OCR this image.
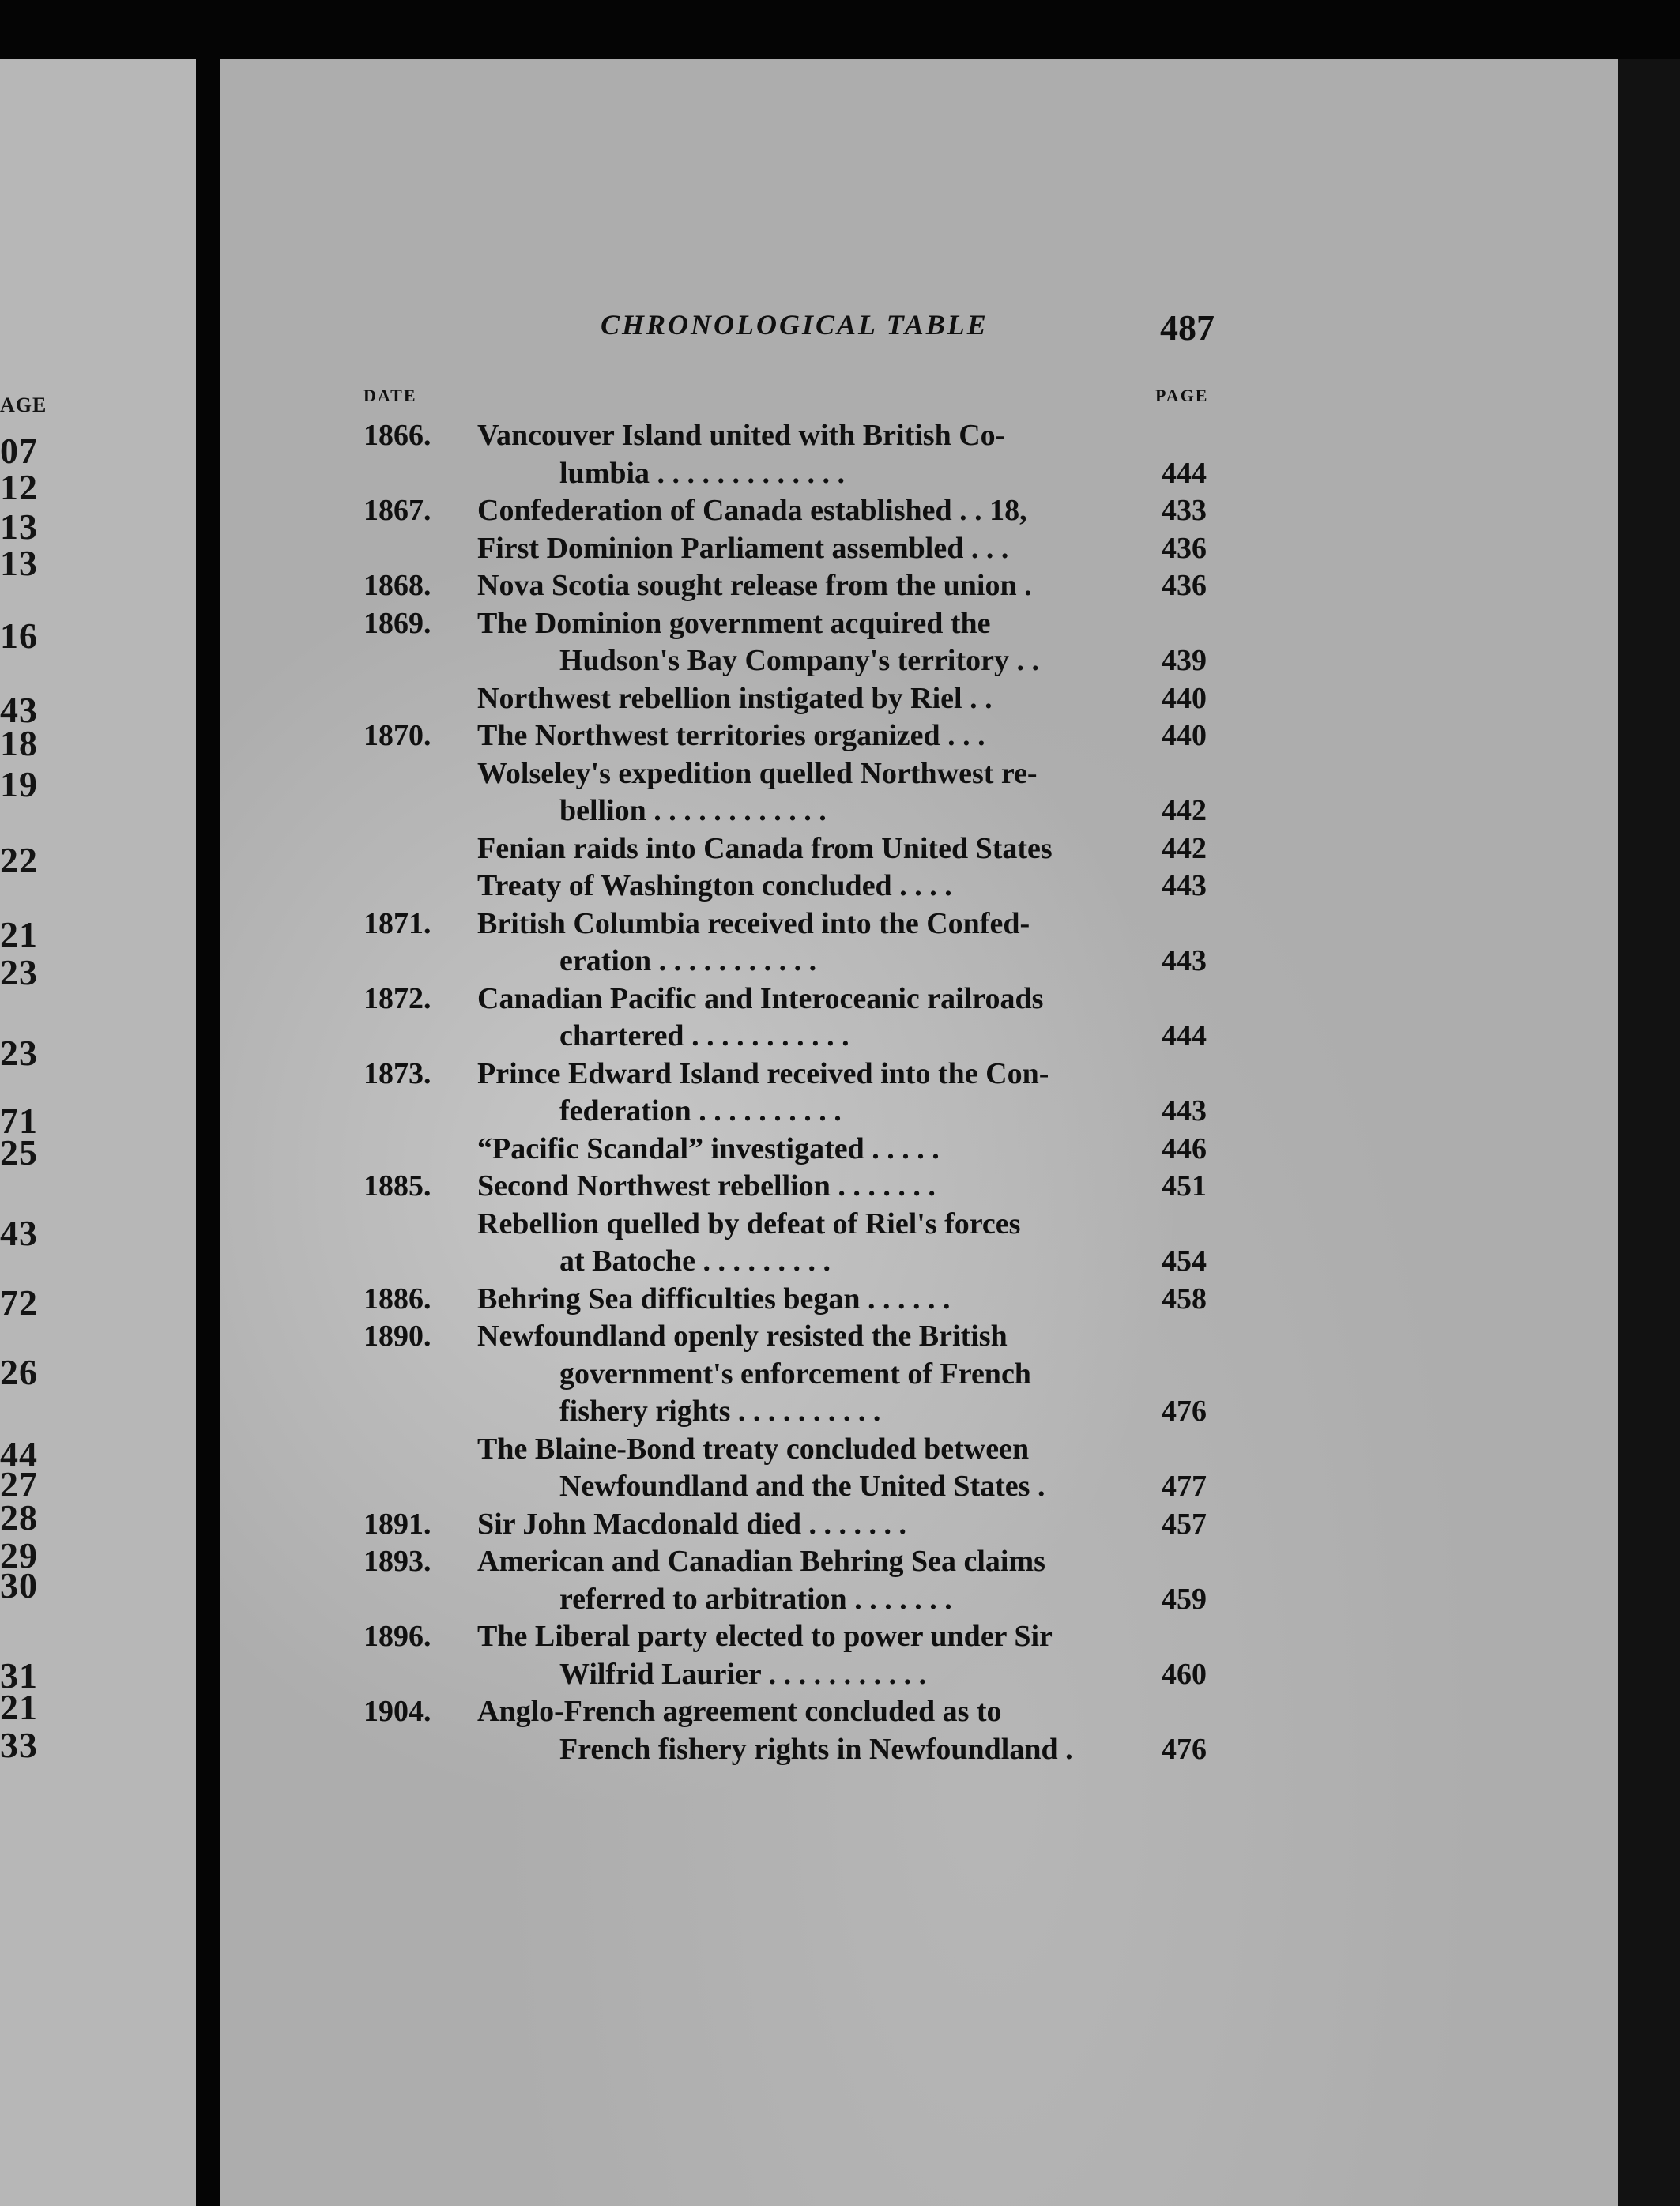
AGE
07
12
13
13
16
43
18
19
22
21
23
23
71
25
43
72
26
44
27
28
29
30
31
21
33
CHRONOLOGICAL TABLE	487
DATE	PAGE
1866.	Vancouver Island united with British Co-
lumbia . . . . . . . . . . . . .	444
1867.	Confederation of Canada established . . 18,	433
First Dominion Parliament assembled . . .	436
1868.	Nova Scotia sought release from the union .	436
1869.	The Dominion government acquired the
Hudson's Bay Company's territory . .	439
Northwest rebellion instigated by Riel . .	440
1870.	The Northwest territories organized . . .	440
Wolseley's expedition quelled Northwest re-
bellion . . . . . . . . . . . .	442
Fenian raids into Canada from United States	442
Treaty of Washington concluded . . . .	443
1871.	British Columbia received into the Confed-
eration . . . . . . . . . . .	443
1872.	Canadian Pacific and Interoceanic railroads
chartered . . . . . . . . . . .	444
1873.	Prince Edward Island received into the Con-
federation . . . . . . . . . .	443
“Pacific Scandal” investigated . . . . .	446
1885.	Second Northwest rebellion . . . . . . .	451
Rebellion quelled by defeat of Riel's forces
at Batoche . . . . . . . . .	454
1886.	Behring Sea difficulties began . . . . . .	458
1890.	Newfoundland openly resisted the British
government's enforcement of French
fishery rights . . . . . . . . . .	476
The Blaine-Bond treaty concluded between
Newfoundland and the United States .	477
1891.	Sir John Macdonald died . . . . . . .	457
1893.	American and Canadian Behring Sea claims
referred to arbitration . . . . . . .	459
1896.	The Liberal party elected to power under Sir
Wilfrid Laurier . . . . . . . . . . .	460
1904.	Anglo-French agreement concluded as to
French fishery rights in Newfoundland .	476
